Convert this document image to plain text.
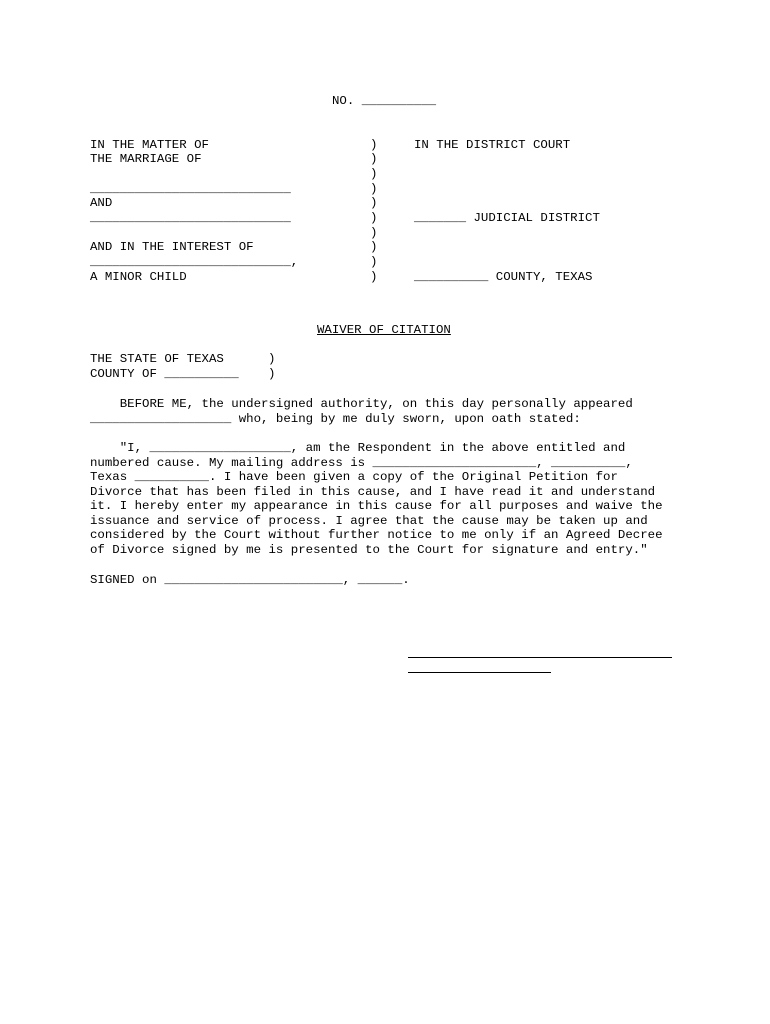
NO. __________
IN THE MATTER OF
THE MARRIAGE OF
___________________________
AND
___________________________
AND IN THE INTEREST OF
___________________________,
A MINOR CHILD
)
)
)
)
)
)
)
)
)
)
IN THE DISTRICT COURT
_______ JUDICIAL DISTRICT
__________ COUNTY, TEXAS
WAIVER OF CITATION
THE STATE OF TEXAS
COUNTY OF __________
)
)
BEFORE ME, the undersigned authority, on this day personally appeared
___________________ who, being by me duly sworn, upon oath stated:
"I, ___________________, am the Respondent in the above entitled and
numbered cause. My mailing address is ______________________, __________,
Texas __________. I have been given a copy of the Original Petition for
Divorce that has been filed in this cause, and I have read it and understand
it. I hereby enter my appearance in this cause for all purposes and waive the
issuance and service of process. I agree that the cause may be taken up and
considered by the Court without further notice to me only if an Agreed Decree
of Divorce signed by me is presented to the Court for signature and entry."
SIGNED on ________________________, ______.
